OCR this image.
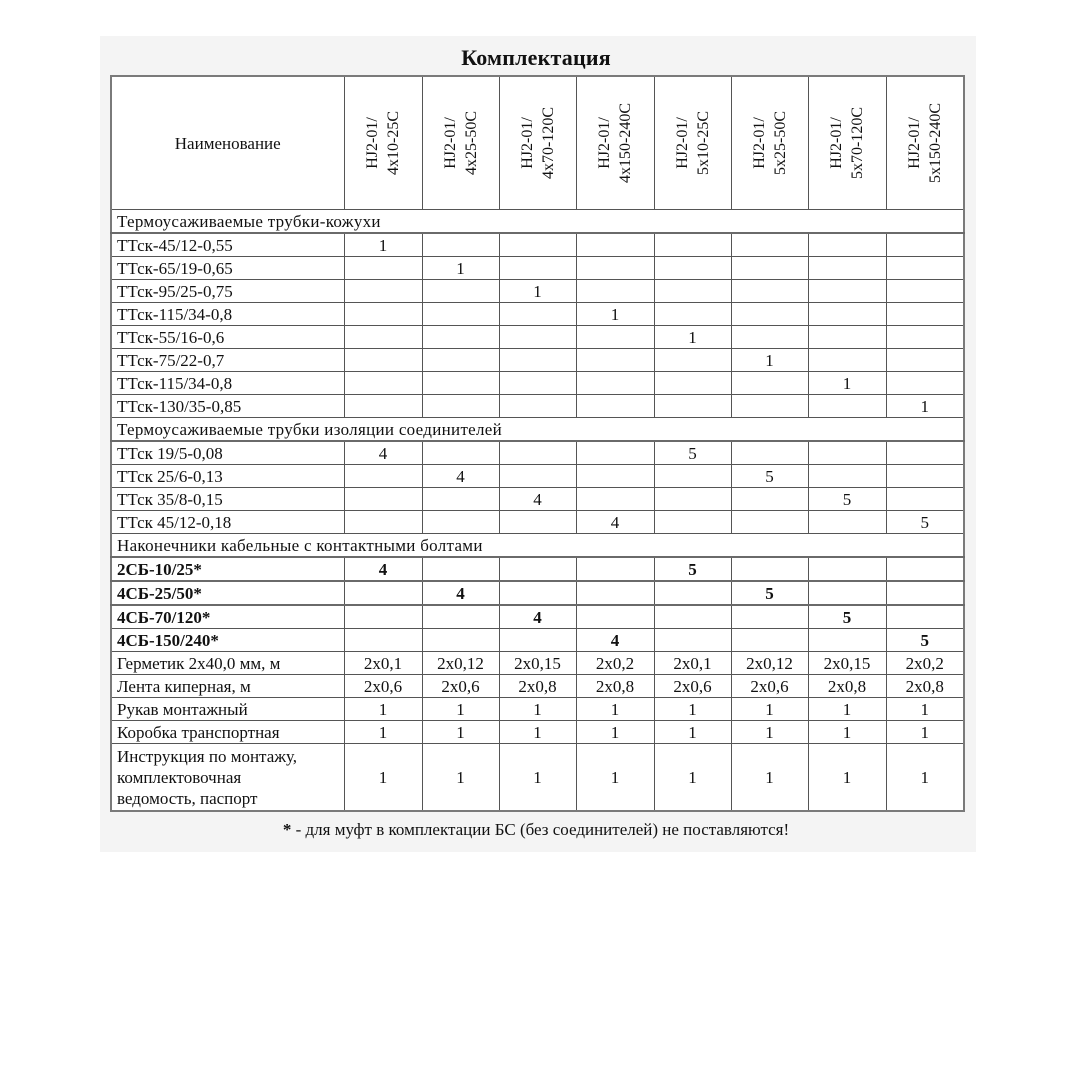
Комплектация
Наименование	HJ2-01/ 4x10-25C	HJ2-01/ 4x25-50C	HJ2-01/ 4x70-120C	HJ2-01/ 4x150-240C	HJ2-01/ 5x10-25C	HJ2-01/ 5x25-50C	HJ2-01/ 5x70-120C	HJ2-01/ 5x150-240C

Термоусаживаемые трубки-кожухи								
ТТск-45/12-0,55	1							
ТТск-65/19-0,65		1						
ТТск-95/25-0,75			1					
ТТск-115/34-0,8				1				
ТТск-55/16-0,6					1			
ТТск-75/22-0,7						1		
ТТск-115/34-0,8							1	
ТТск-130/35-0,85								1
Термоусаживаемые трубки изоляции соединителей								
ТТск 19/5-0,08	4				5			
ТТск 25/6-0,13		4				5		
ТТск 35/8-0,15			4				5	
ТТск 45/12-0,18				4				5
Наконечники кабельные с контактными болтами								
2СБ-10/25*	4				5			
4СБ-25/50*		4				5		
4СБ-70/120*			4				5	
4СБ-150/240*				4				5
Герметик 2х40,0 мм, м	2x0,1	2x0,12	2x0,15	2x0,2	2x0,1	2x0,12	2x0,15	2x0,2
Лента киперная, м	2x0,6	2x0,6	2x0,8	2x0,8	2x0,6	2x0,6	2x0,8	2x0,8
Рукав монтажный	1	1	1	1	1	1	1	1
Коробка транспортная	1	1	1	1	1	1	1	1

Инструкция по монтажу,
комплектовочная
ведомость, паспорт	1	1	1	1	1	1	1	1
* - для муфт в комплектации БС (без соединителей) не поставляются!
